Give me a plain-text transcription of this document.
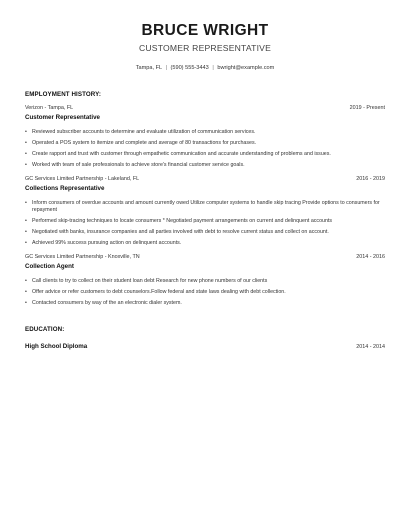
BRUCE WRIGHT
CUSTOMER REPRESENTATIVE
Tampa, FL | (590) 555-3443 | bwright@example.com
EMPLOYMENT HISTORY:
Verizon - Tampa, FL	2019 - Present
Customer Representative
• Reviewed subscriber accounts to determine and evaluate utilization of communication services.
• Operated a POS system to itemize and complete and average of 80 transactions for purchases.
• Create rapport and trust with customer through empathetic communication and accurate understanding of problems and issues.
• Worked with team of sale professionals to achieve store's financial customer service goals.
GC Services Limited Partnership - Lakeland, FL	2016 - 2019
Collections Representative
• Inform consumers of overdue accounts and amount currently owed Utilize computer systems to handle skip tracing Provide options to consumers for repayment
• Performed skip-tracing techniques to locate consumers * Negotiated payment arrangements on current and delinquent accounts
• Negotiated with banks, insurance companies and all parties involved with debt to resolve current status and collect on account.
• Achieved 99% success pursuing action on delinquent accounts.
GC Services Limited Partnership - Knoxville, TN	2014 - 2016
Collection Agent
• Call clients to try to collect on their student loan debt Research for new phone numbers of our clients
• Offer advice or refer customers to debt counselors.Follow federal and state laws dealing with debt collection.
• Contacted consumers by way of the an electronic dialer system.
EDUCATION:
High School Diploma	2014 - 2014
